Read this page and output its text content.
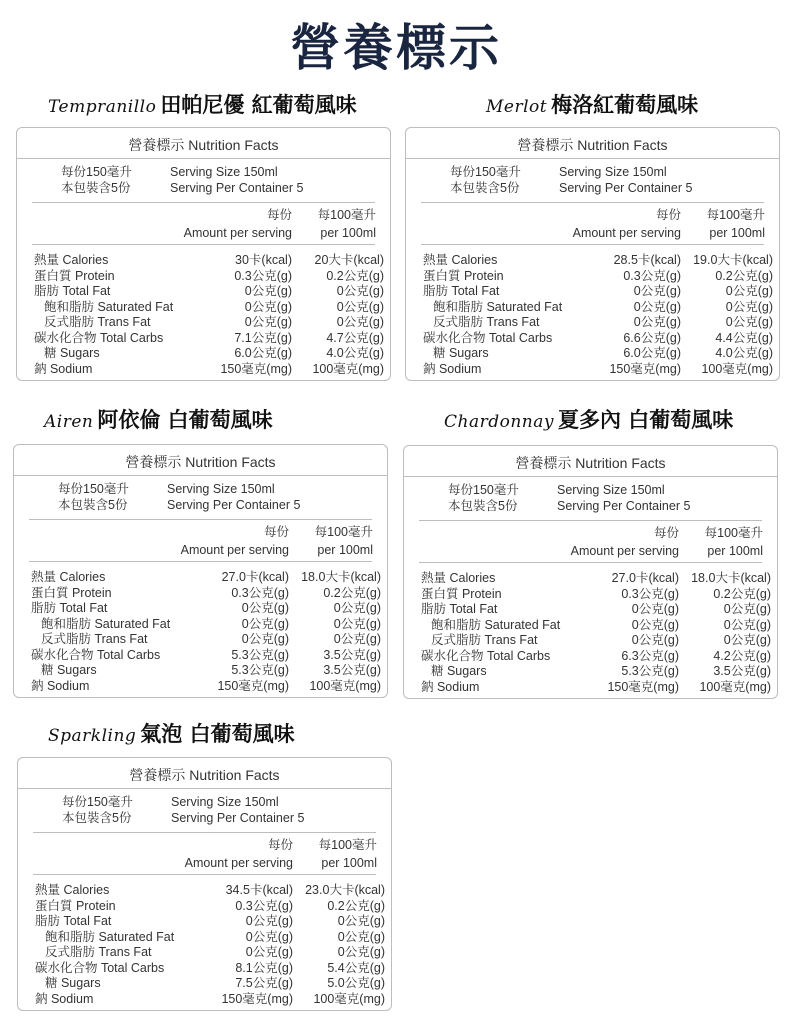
營養標示
Tempranillo 田帕尼優 紅葡萄風味
營養標示 Nutrition Facts
每份150毫升	Serving Size 150ml
本包裝含5份	Serving Per Container 5
每份 每100毫升
Amount per serving per 100ml
熱量 Calories	30卡(kcal) 20大卡(kcal)
蛋白質 Protein	0.3公克(g)	0.2公克(g)
脂肪 Total Fat	0公克(g)	0公克(g)
飽和脂肪 Saturated Fat	0公克(g)	0公克(g)
反式脂肪 Trans Fat	0公克(g)	0公克(g)
碳水化合物 Total Carbs	7.1公克(g)	4.7公克(g)
糖 Sugars	6.0公克(g)	4.0公克(g)
鈉 Sodium	150毫克(mg) 100毫克(mg)
Merlot 梅洛紅葡萄風味
營養標示 Nutrition Facts
每份150毫升	Serving Size 150ml
本包裝含5份	Serving Per Container 5
每份 每100毫升
Amount per serving per 100ml
熱量 Calories	28.5卡(kcal) 19.0大卡(kcal)
蛋白質 Protein	0.3公克(g)	0.2公克(g)
脂肪 Total Fat	0公克(g)	0公克(g)
飽和脂肪 Saturated Fat	0公克(g)	0公克(g)
反式脂肪 Trans Fat	0公克(g)	0公克(g)
碳水化合物 Total Carbs	6.6公克(g)	4.4公克(g)
糖 Sugars	6.0公克(g)	4.0公克(g)
鈉 Sodium	150毫克(mg) 100毫克(mg)
Airen 阿依倫 白葡萄風味
營養標示 Nutrition Facts
每份150毫升	Serving Size 150ml
本包裝含5份	Serving Per Container 5
每份 每100毫升
Amount per serving per 100ml
熱量 Calories	27.0卡(kcal) 18.0大卡(kcal)
蛋白質 Protein	0.3公克(g)	0.2公克(g)
脂肪 Total Fat	0公克(g)	0公克(g)
飽和脂肪 Saturated Fat	0公克(g)	0公克(g)
反式脂肪 Trans Fat	0公克(g)	0公克(g)
碳水化合物 Total Carbs	5.3公克(g)	3.5公克(g)
糖 Sugars	5.3公克(g)	3.5公克(g)
鈉 Sodium	150毫克(mg) 100毫克(mg)
Chardonnay 夏多內 白葡萄風味
營養標示 Nutrition Facts
每份150毫升	Serving Size 150ml
本包裝含5份	Serving Per Container 5
每份 每100毫升
Amount per serving per 100ml
熱量 Calories	27.0卡(kcal) 18.0大卡(kcal)
蛋白質 Protein	0.3公克(g)	0.2公克(g)
脂肪 Total Fat	0公克(g)	0公克(g)
飽和脂肪 Saturated Fat	0公克(g)	0公克(g)
反式脂肪 Trans Fat	0公克(g)	0公克(g)
碳水化合物 Total Carbs	6.3公克(g)	4.2公克(g)
糖 Sugars	5.3公克(g)	3.5公克(g)
鈉 Sodium	150毫克(mg) 100毫克(mg)
Sparkling 氣泡 白葡萄風味
營養標示 Nutrition Facts
每份150毫升	Serving Size 150ml
本包裝含5份	Serving Per Container 5
每份 每100毫升
Amount per serving per 100ml
熱量 Calories	34.5卡(kcal) 23.0大卡(kcal)
蛋白質 Protein	0.3公克(g)	0.2公克(g)
脂肪 Total Fat	0公克(g)	0公克(g)
飽和脂肪 Saturated Fat	0公克(g)	0公克(g)
反式脂肪 Trans Fat	0公克(g)	0公克(g)
碳水化合物 Total Carbs	8.1公克(g)	5.4公克(g)
糖 Sugars	7.5公克(g)	5.0公克(g)
鈉 Sodium	150毫克(mg) 100毫克(mg)
